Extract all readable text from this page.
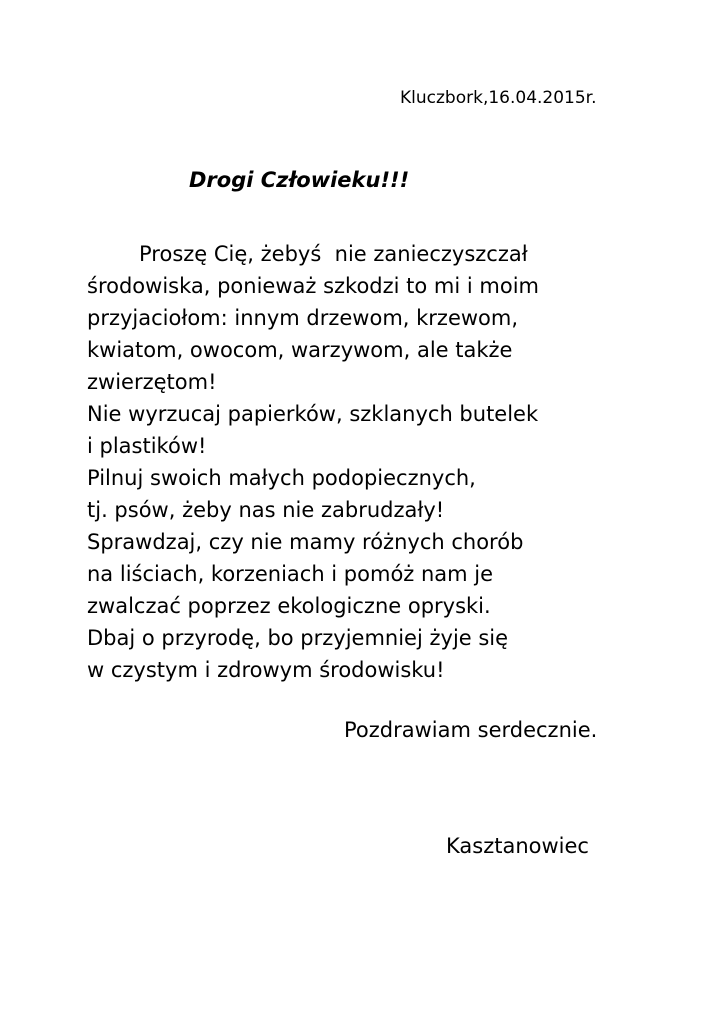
Kluczbork,16.04.2015r.
Drogi Człowieku!!!
Proszę Cię, żebyś  nie zanieczyszczał
środowiska, ponieważ szkodzi to mi i moim
przyjaciołom: innym drzewom, krzewom,
kwiatom, owocom, warzywom, ale także
zwierzętom!
Nie wyrzucaj papierków, szklanych butelek
i plastików!
Pilnuj swoich małych podopiecznych,
tj. psów, żeby nas nie zabrudzały!
Sprawdzaj, czy nie mamy różnych chorób
na liściach, korzeniach i pomóż nam je
zwalczać poprzez ekologiczne opryski.
Dbaj o przyrodę, bo przyjemniej żyje się
w czystym i zdrowym środowisku!
Pozdrawiam serdecznie.
Kasztanowiec
